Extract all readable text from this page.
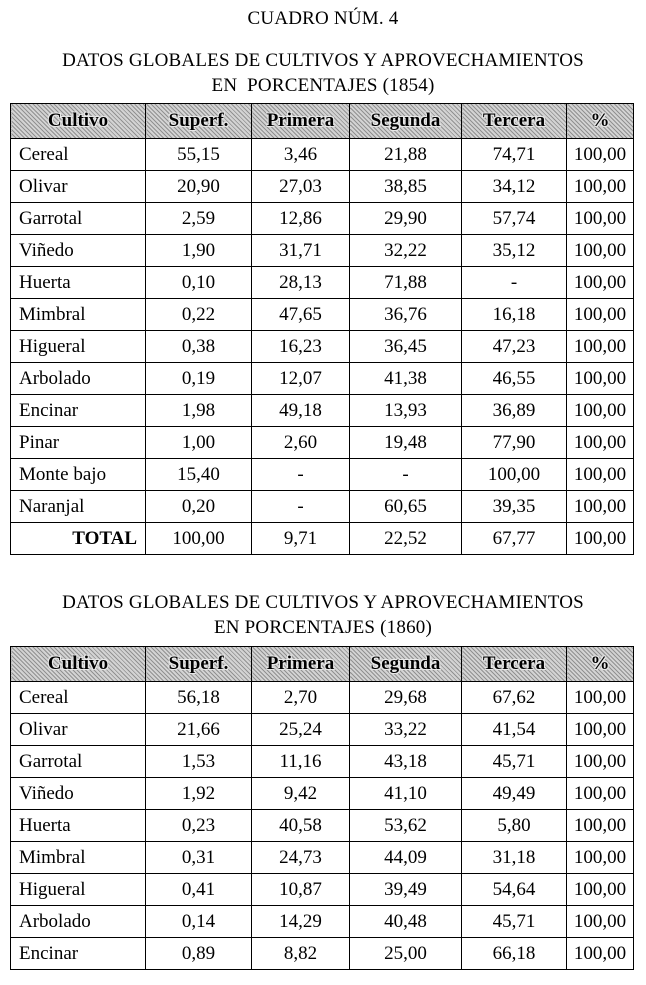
CUADRO NÚM. 4
DATOS GLOBALES DE CULTIVOS Y APROVECHAMIENTOS
EN  PORCENTAJES (1854)
Cultivo	Superf.	Primera	Segunda	Tercera	%
Cereal	55,15	3,46	21,88	74,71	100,00
Olivar	20,90	27,03	38,85	34,12	100,00
Garrotal	2,59	12,86	29,90	57,74	100,00
Viñedo	1,90	31,71	32,22	35,12	100,00
Huerta	0,10	28,13	71,88	-	100,00
Mimbral	0,22	47,65	36,76	16,18	100,00
Higueral	0,38	16,23	36,45	47,23	100,00
Arbolado	0,19	12,07	41,38	46,55	100,00
Encinar	1,98	49,18	13,93	36,89	100,00
Pinar	1,00	2,60	19,48	77,90	100,00
Monte bajo	15,40	-	-	100,00	100,00
Naranjal	0,20	-	60,65	39,35	100,00
TOTAL	100,00	9,71	22,52	67,77	100,00
DATOS GLOBALES DE CULTIVOS Y APROVECHAMIENTOS
EN PORCENTAJES (1860)
Cultivo	Superf.	Primera	Segunda	Tercera	%
Cereal	56,18	2,70	29,68	67,62	100,00
Olivar	21,66	25,24	33,22	41,54	100,00
Garrotal	1,53	11,16	43,18	45,71	100,00
Viñedo	1,92	9,42	41,10	49,49	100,00
Huerta	0,23	40,58	53,62	5,80	100,00
Mimbral	0,31	24,73	44,09	31,18	100,00
Higueral	0,41	10,87	39,49	54,64	100,00
Arbolado	0,14	14,29	40,48	45,71	100,00
Encinar	0,89	8,82	25,00	66,18	100,00
